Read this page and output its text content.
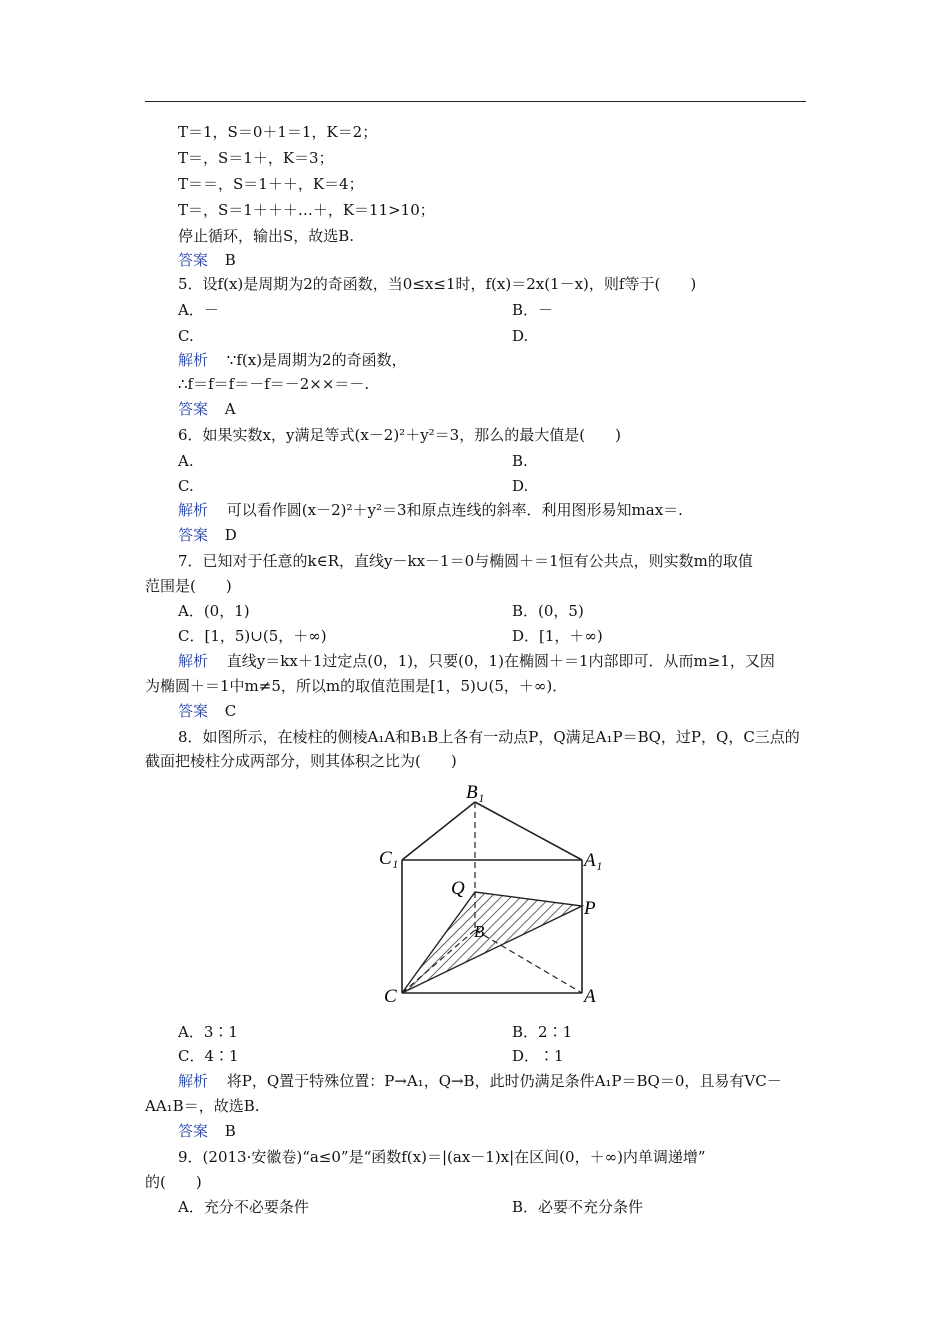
T＝1，S＝0＋1＝1，K＝2；
T＝，S＝1＋，K＝3；
T＝＝，S＝1＋＋，K＝4；
T＝，S＝1＋＋＋…＋，K＝11>10；
停止循环，输出S，故选B.
答案 B
5．设f(x)是周期为2的奇函数，当0≤x≤1时，f(x)＝2x(1－x)，则f等于(　　)
A．－	B．－
C.	D.
解析 ∵f(x)是周期为2的奇函数，
∴f＝f＝f＝－f＝－2××＝－.
答案 A
6．如果实数x，y满足等式(x－2)²＋y²＝3，那么的最大值是(　　)
A.	B.
C.	D.
解析 可以看作圆(x－2)²＋y²＝3和原点连线的斜率．利用图形易知max＝.
答案 D
7．已知对于任意的k∈R，直线y－kx－1＝0与椭圆＋＝1恒有公共点，则实数m的取值
范围是(　　)
A．(0，1)	B．(0，5)
C．[1，5)∪(5，＋∞)	D．[1，＋∞)
解析 直线y＝kx＋1过定点(0，1)，只要(0，1)在椭圆＋＝1内部即可．从而m≥1，又因
为椭圆＋＝1中m≠5，所以m的取值范围是[1，5)∪(5，＋∞)．
答案 C
8．如图所示，在棱柱的侧棱A₁A和B₁B上各有一动点P，Q满足A₁P＝BQ，过P，Q，C三点的
截面把棱柱分成两部分，则其体积之比为(　　)
B₁
C₁	A₁
Q
P
B
C	A
A．3∶1	B．2∶1
C．4∶1	D．∶1
解析 将P，Q置于特殊位置：P→A₁，Q→B，此时仍满足条件A₁P＝BQ＝0，且易有VC－
AA₁B＝，故选B.
答案 B
9．(2013·安徽卷)“a≤0”是“函数f(x)＝|(ax－1)x|在区间(0，＋∞)内单调递增”
的(　　)
A．充分不必要条件	B．必要不充分条件
